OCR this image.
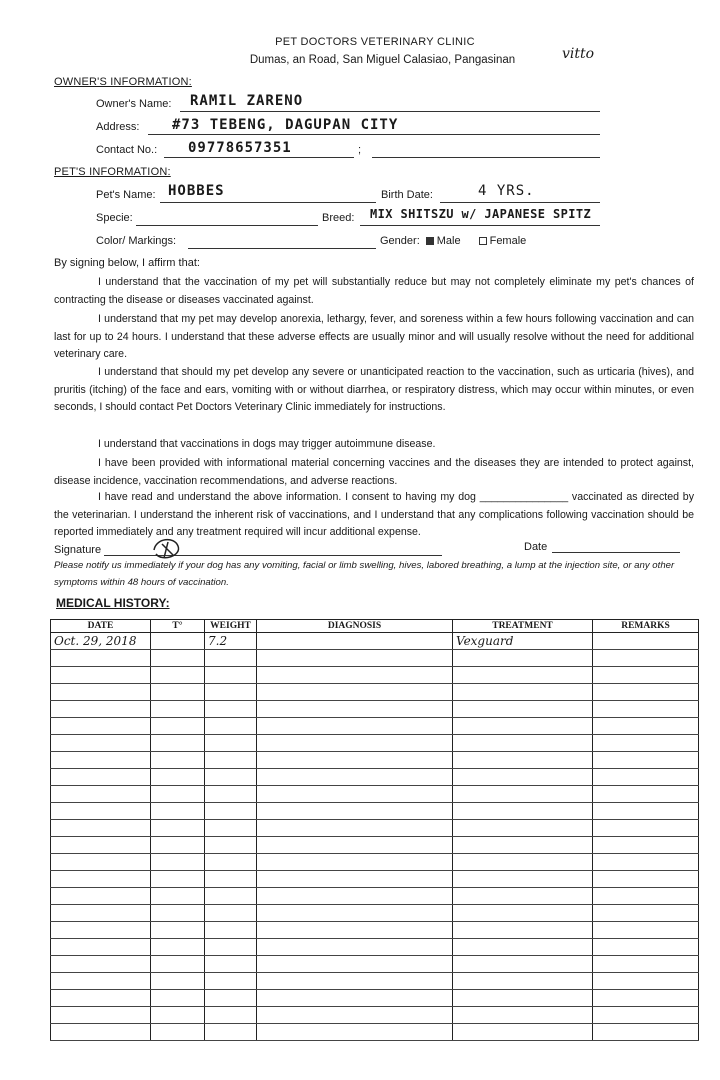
PET DOCTORS VETERINARY CLINIC
Dumas, an Road, San Miguel Calasiao, Pangasinan	vitto
OWNER'S INFORMATION:
Owner's Name: RAMIL ZARENO
Address: #73 TEBENG, DAGUPAN CITY
Contact No.:	;
09778657351
PET'S INFORMATION:
Pet's Name: HOBBES	Birth Date:	4 YRS.
Specie:	Breed: MIX SHITSZU w/ JAPANESE SPITZ
Color/ Markings:	Gender: Male	Female
By signing below, I affirm that:
I understand that the vaccination of my pet will substantially reduce but may not completely eliminate my pet's chances of contracting the disease or diseases vaccinated against.
I understand that my pet may develop anorexia, lethargy, fever, and soreness within a few hours following vaccination and can last for up to 24 hours. I understand that these adverse effects are usually minor and will usually resolve without the need for additional veterinary care.
I understand that should my pet develop any severe or unanticipated reaction to the vaccination, such as urticaria (hives), and pruritis (itching) of the face and ears, vomiting with or without diarrhea, or respiratory distress, which may occur within minutes, or even seconds, I should contact Pet Doctors Veterinary Clinic immediately for instructions.
I understand that vaccinations in dogs may trigger autoimmune disease.
I have been provided with informational material concerning vaccines and the diseases they are intended to protect against, disease incidence, vaccination recommendations, and adverse reactions.
I have read and understand the above information. I consent to having my dog _______________ vaccinated as directed by the veterinarian. I understand the inherent risk of vaccinations, and I understand that any complications following vaccination should be reported immediately and any treatment required will incur additional expense.
Signature	Date
Please notify us immediately if your dog has any vomiting, facial or limb swelling, hives, labored breathing, a lump at the injection site, or any other symptoms within 48 hours of vaccination.
MEDICAL HISTORY:
DATE	T°	WEIGHT	DIAGNOSIS	TREATMENT	REMARKS
Oct. 29, 2018		7.2		Vexguard	
